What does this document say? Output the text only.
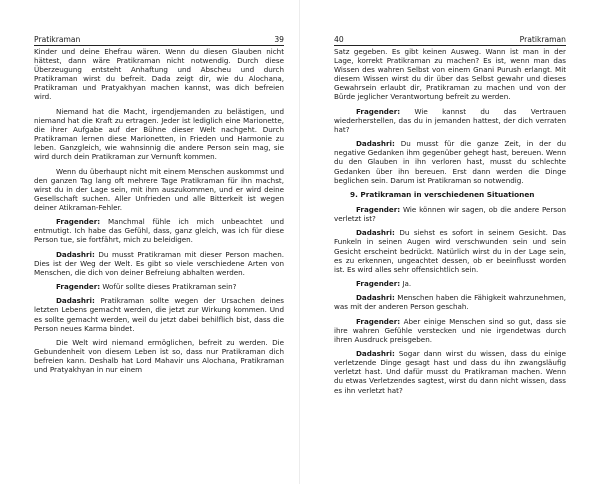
Pratikraman	39

Kinder und deine Ehefrau wären. Wenn du diesen Glauben nicht hättest, dann wäre Pratikraman nicht notwendig. Durch diese Überzeugung entsteht Anhaftung und Abscheu und durch Pratikraman wirst du befreit. Dada zeigt dir, wie du Alochana, Pratikraman und Pratyakhyan machen kannst, was dich befreien wird.

Niemand hat die Macht, irgendjemanden zu belästigen, und niemand hat die Kraft zu ertragen. Jeder ist lediglich eine Marionette, die ihrer Aufgabe auf der Bühne dieser Welt nachgeht. Durch Pratikraman lernen diese Marionetten, in Frieden und Harmonie zu leben. Ganzgleich, wie wahnsinnig die andere Person sein mag, sie wird durch dein Pratikraman zur Vernunft kommen.

Wenn du überhaupt nicht mit einem Menschen auskommst und den ganzen Tag lang oft mehrere Tage Pratikraman für ihn machst, wirst du in der Lage sein, mit ihm auszukommen, und er wird deine Gesellschaft suchen. Aller Unfrieden und alle Bitterkeit ist wegen deiner Atikraman-Fehler.

Fragender: Manchmal fühle ich mich unbeachtet und entmutigt. Ich habe das Gefühl, dass, ganz gleich, was ich für diese Person tue, sie fortfährt, mich zu beleidigen.

Dadashri: Du musst Pratikraman mit dieser Person machen. Dies ist der Weg der Welt. Es gibt so viele verschiedene Arten von Menschen, die dich von deiner Befreiung abhalten werden.

Fragender: Wofür sollte dieses Pratikraman sein?

Dadashri: Pratikraman sollte wegen der Ursachen deines letzten Lebens gemacht werden, die jetzt zur Wirkung kommen. Und es sollte gemacht werden, weil du jetzt dabei behilflich bist, dass die Person neues Karma bindet.

Die Welt wird niemand ermöglichen, befreit zu werden. Die Gebundenheit von diesem Leben ist so, dass nur Pratikraman dich befreien kann. Deshalb hat Lord Mahavir uns Alochana, Pratikraman und Pratyakhyan in nur einem

40	Pratikraman

Satz gegeben. Es gibt keinen Ausweg. Wann ist man in der Lage, korrekt Pratikraman zu machen? Es ist, wenn man das Wissen des wahren Selbst von einem Gnani Purush erlangt. Mit diesem Wissen wirst du dir über das Selbst gewahr und dieses Gewahrsein erlaubt dir, Pratikraman zu machen und von der Bürde jeglicher Verantwortung befreit zu werden.

Fragender: Wie kannst du das Vertrauen wiederherstellen, das du in jemanden hattest, der dich verraten hat?

Dadashri: Du musst für die ganze Zeit, in der du negative Gedanken ihm gegenüber gehegt hast, bereuen. Wenn du den Glauben in ihn verloren hast, musst du schlechte Gedanken über ihn bereuen. Erst dann werden die Dinge beglichen sein. Darum ist Pratikraman so notwendig.

9. Pratikraman in verschiedenen Situationen

Fragender: Wie können wir sagen, ob die andere Person verletzt ist?

Dadashri: Du siehst es sofort in seinem Gesicht. Das Funkeln in seinen Augen wird verschwunden sein und sein Gesicht erscheint bedrückt. Natürlich wirst du in der Lage sein, es zu erkennen, ungeachtet dessen, ob er beeinflusst worden ist. Es wird alles sehr offensichtlich sein.

Fragender: Ja.

Dadashri: Menschen haben die Fähigkeit wahrzunehmen, was mit der anderen Person geschah.

Fragender: Aber einige Menschen sind so gut, dass sie ihre wahren Gefühle verstecken und nie irgendetwas durch ihren Ausdruck preisgeben.

Dadashri: Sogar dann wirst du wissen, dass du einige verletzende Dinge gesagt hast und dass du ihn zwangsläufig verletzt hast. Und dafür musst du Pratikraman machen. Wenn du etwas Verletzendes sagtest, wirst du dann nicht wissen, dass es ihn verletzt hat?
